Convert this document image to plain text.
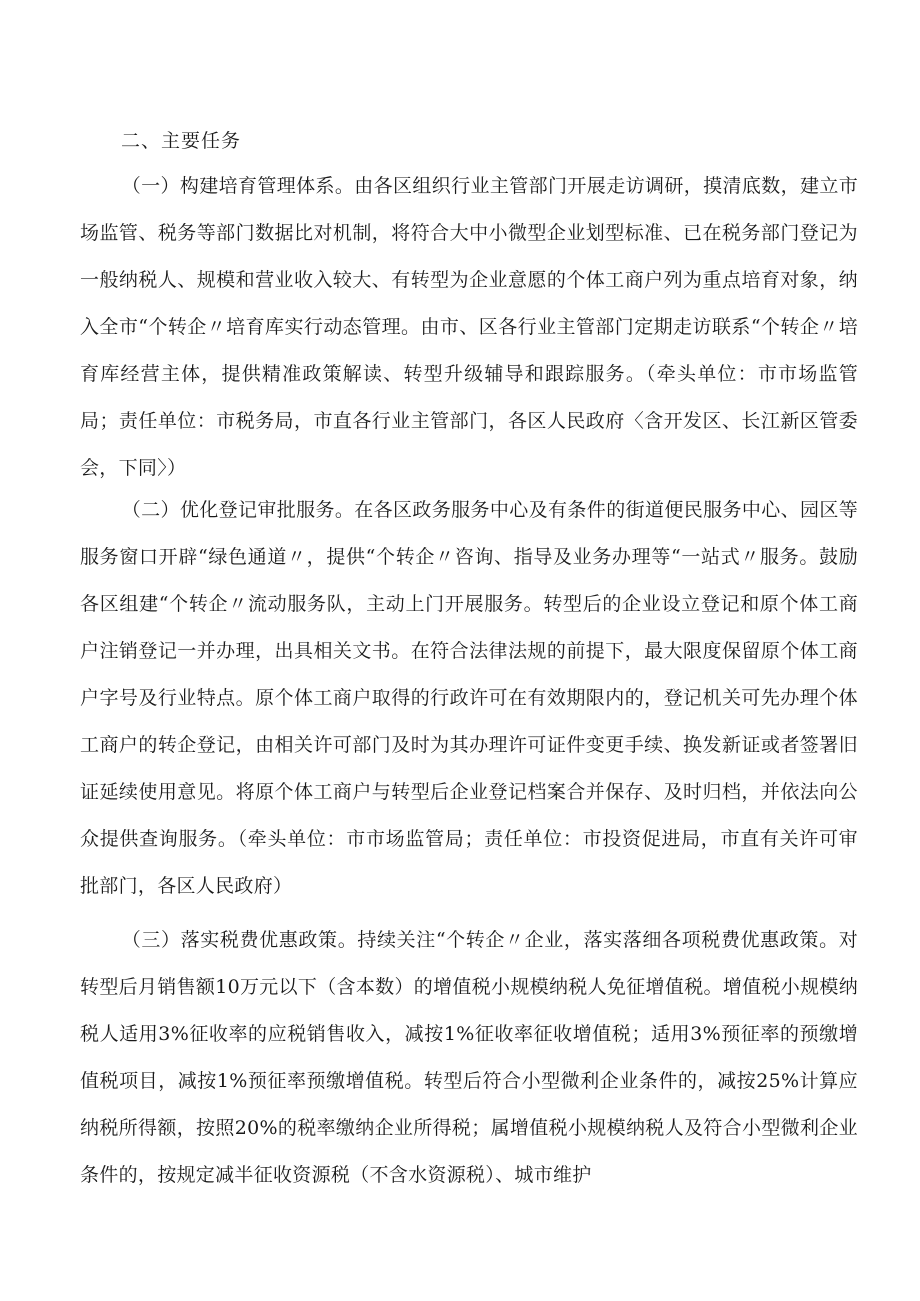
二、主要任务

（一）构建培育管理体系。由各区组织行业主管部门开展走访调研，摸清底数，建立市场监管、税务等部门数据比对机制，将符合大中小微型企业划型标准、已在税务部门登记为一般纳税人、规模和营业收入较大、有转型为企业意愿的个体工商户列为重点培育对象，纳入全市“个转企〃培育库实行动态管理。由市、区各行业主管部门定期走访联系“个转企〃培育库经营主体，提供精准政策解读、转型升级辅导和跟踪服务。（牵头单位：市市场监管局；责任单位：市税务局，市直各行业主管部门，各区人民政府〈含开发区、长江新区管委会，下同〉）

（二）优化登记审批服务。在各区政务服务中心及有条件的街道便民服务中心、园区等服务窗口开辟“绿色通道〃，提供“个转企〃咨询、指导及业务办理等“一站式〃服务。鼓励各区组建“个转企〃流动服务队，主动上门开展服务。转型后的企业设立登记和原个体工商户注销登记一并办理，出具相关文书。在符合法律法规的前提下，最大限度保留原个体工商户字号及行业特点。原个体工商户取得的行政许可在有效期限内的，登记机关可先办理个体工商户的转企登记，由相关许可部门及时为其办理许可证件变更手续、换发新证或者签署旧证延续使用意见。将原个体工商户与转型后企业登记档案合并保存、及时归档，并依法向公众提供查询服务。（牵头单位：市市场监管局；责任单位：市投资促进局，市直有关许可审批部门，各区人民政府）

（三）落实税费优惠政策。持续关注“个转企〃企业，落实落细各项税费优惠政策。对转型后月销售额10万元以下（含本数）的增值税小规模纳税人免征增值税。增值税小规模纳税人适用3%征收率的应税销售收入，减按1%征收率征收增值税；适用3%预征率的预缴增值税项目，减按1%预征率预缴增值税。转型后符合小型微利企业条件的，减按25%计算应纳税所得额，按照20%的税率缴纳企业所得税；属增值税小规模纳税人及符合小型微利企业条件的，按规定减半征收资源税（不含水资源税）、城市维护
